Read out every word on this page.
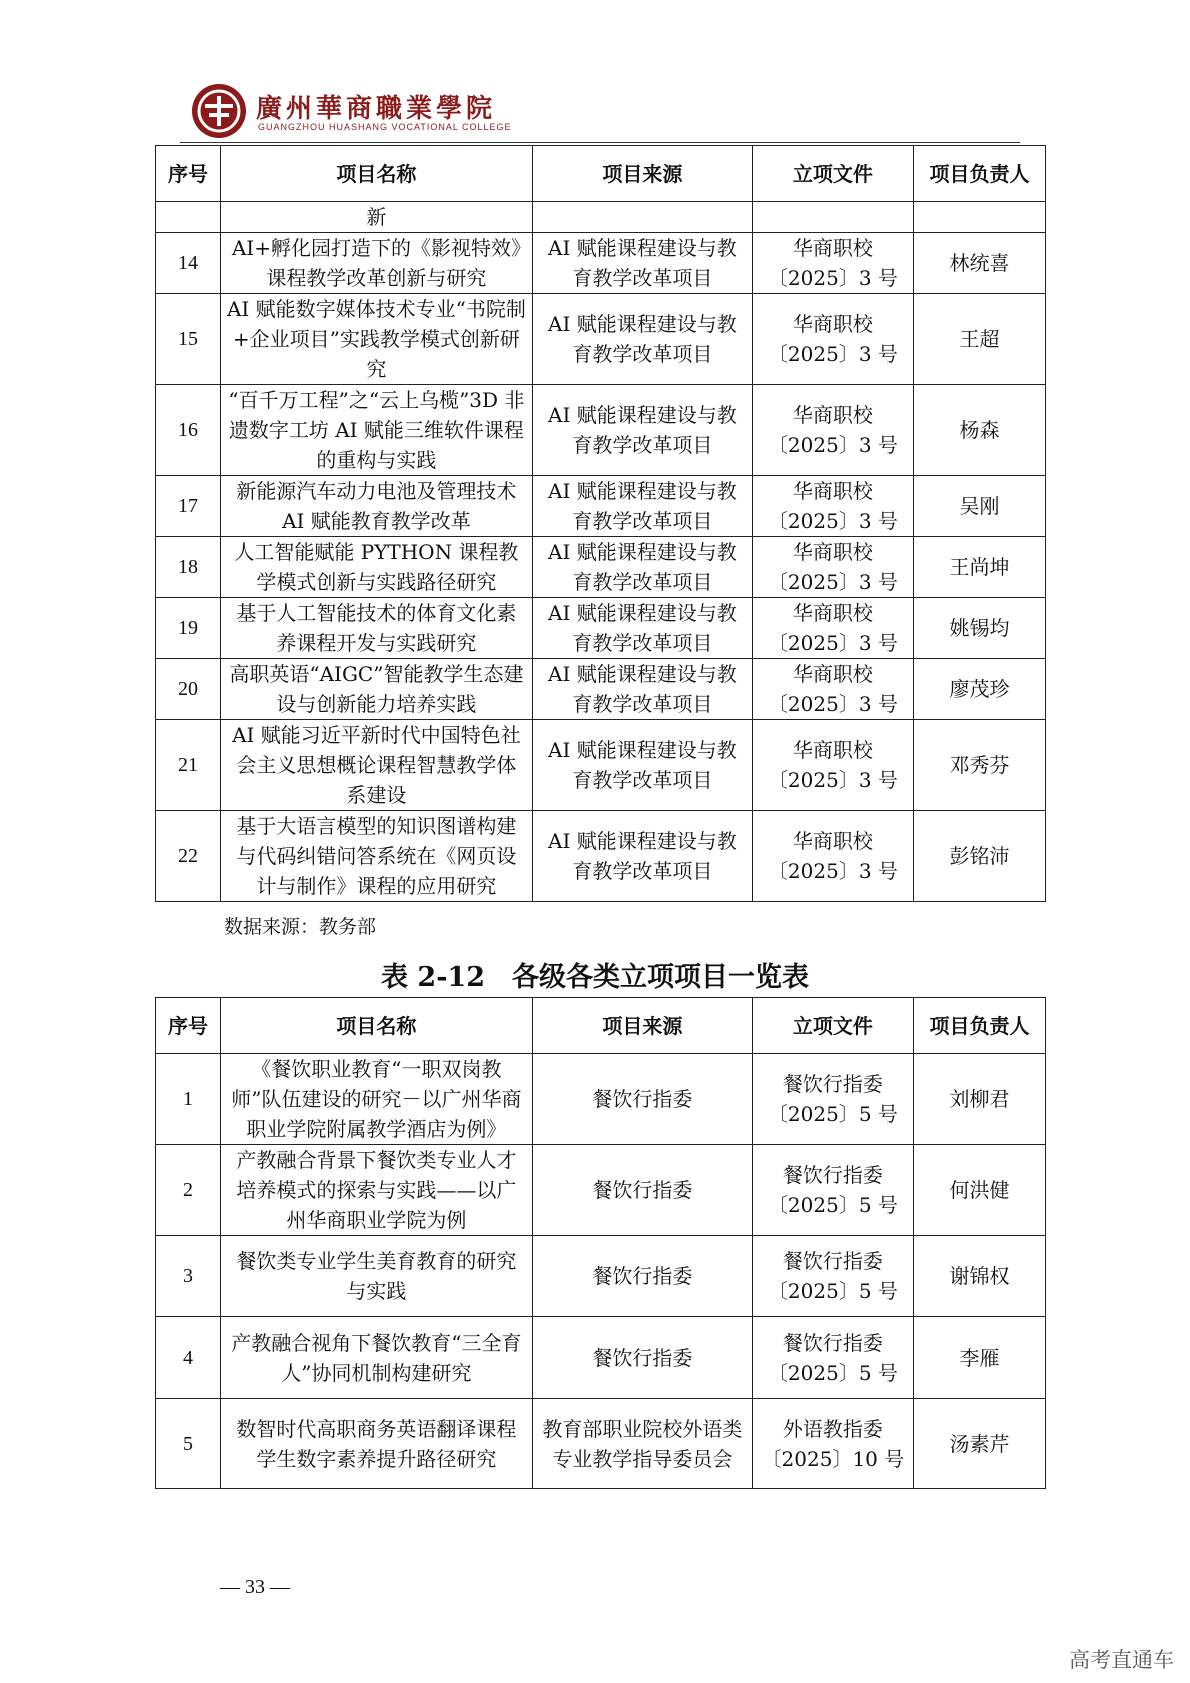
廣州華商職業學院
GUANGZHOU HUASHANG VOCATIONAL COLLEGE
序号	项目名称	项目来源	立项文件	项目负责人
	新			
14	AI+孵化园打造下的《影视特效》课程教学改革创新与研究	AI 赋能课程建设与教育教学改革项目	华商职校〔2025〕3 号	林统喜
15	AI 赋能数字媒体技术专业“书院制+企业项目”实践教学模式创新研究	AI 赋能课程建设与教育教学改革项目	华商职校〔2025〕3 号	王超
16	“百千万工程”之“云上乌榄”3D 非遗数字工坊 AI 赋能三维软件课程的重构与实践	AI 赋能课程建设与教育教学改革项目	华商职校〔2025〕3 号	杨森
17	新能源汽车动力电池及管理技术 AI 赋能教育教学改革	AI 赋能课程建设与教育教学改革项目	华商职校〔2025〕3 号	吴刚
18	人工智能赋能 PYTHON 课程教学模式创新与实践路径研究	AI 赋能课程建设与教育教学改革项目	华商职校〔2025〕3 号	王尚坤
19	基于人工智能技术的体育文化素养课程开发与实践研究	AI 赋能课程建设与教育教学改革项目	华商职校〔2025〕3 号	姚锡均
20	高职英语“AIGC”智能教学生态建设与创新能力培养实践	AI 赋能课程建设与教育教学改革项目	华商职校〔2025〕3 号	廖茂珍
21	AI 赋能习近平新时代中国特色社会主义思想概论课程智慧教学体系建设	AI 赋能课程建设与教育教学改革项目	华商职校〔2025〕3 号	邓秀芬
22	基于大语言模型的知识图谱构建与代码纠错问答系统在《网页设计与制作》课程的应用研究	AI 赋能课程建设与教育教学改革项目	华商职校〔2025〕3 号	彭铭沛
数据来源：教务部
表 2-12　各级各类立项项目一览表
序号	项目名称	项目来源	立项文件	项目负责人
1	《餐饮职业教育“一职双岗教师”队伍建设的研究－以广州华商职业学院附属教学酒店为例》	餐饮行指委	餐饮行指委〔2025〕5 号	刘柳君
2	产教融合背景下餐饮类专业人才培养模式的探索与实践——以广州华商职业学院为例	餐饮行指委	餐饮行指委〔2025〕5 号	何洪健
3	餐饮类专业学生美育教育的研究与实践	餐饮行指委	餐饮行指委〔2025〕5 号	谢锦权
4	产教融合视角下餐饮教育“三全育人”协同机制构建研究	餐饮行指委	餐饮行指委〔2025〕5 号	李雁
5	数智时代高职商务英语翻译课程学生数字素养提升路径研究	教育部职业院校外语类专业教学指导委员会	外语教指委〔2025〕10 号	汤素芹
— 33 —
高考直通车
